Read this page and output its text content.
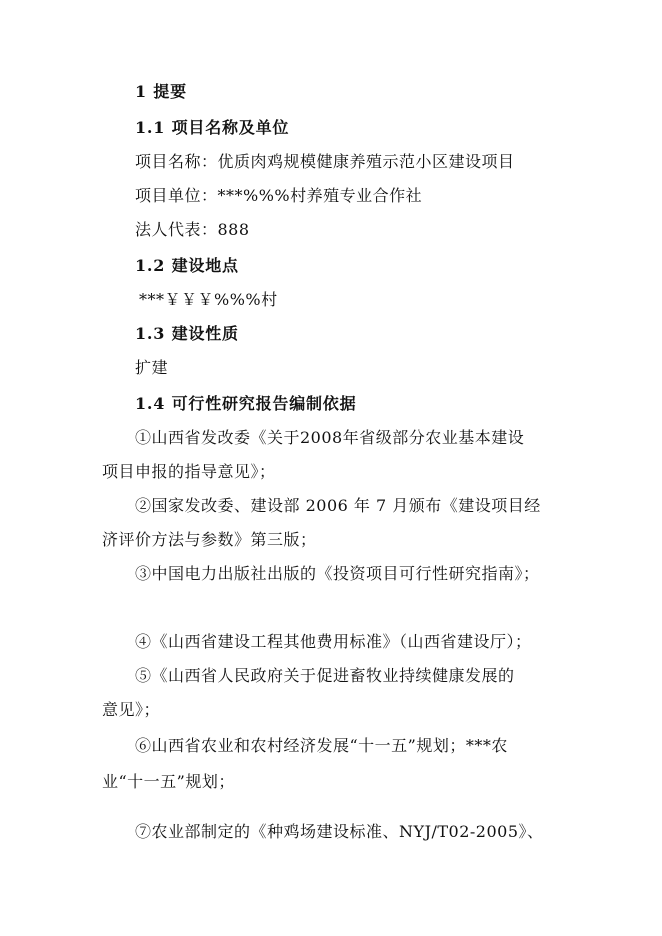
1 提要
1.1 项目名称及单位
项目名称：优质肉鸡规模健康养殖示范小区建设项目
项目单位：***%%%村养殖专业合作社
法人代表：888
1.2 建设地点
***￥￥￥%%%村
1.3 建设性质
扩建
1.4 可行性研究报告编制依据
①山西省发改委《关于2008年省级部分农业基本建设
项目申报的指导意见》；
②国家发改委、建设部 2006 年 7 月颁布《建设项目经
济评价方法与参数》第三版；
③中国电力出版社出版的《投资项目可行性研究指南》；
④《山西省建设工程其他费用标准》（山西省建设厅）；
⑤《山西省人民政府关于促进畜牧业持续健康发展的
意见》；
⑥山西省农业和农村经济发展“十一五”规划；***农
业“十一五”规划；
⑦农业部制定的《种鸡场建设标准、NYJ/T02-2005》、
